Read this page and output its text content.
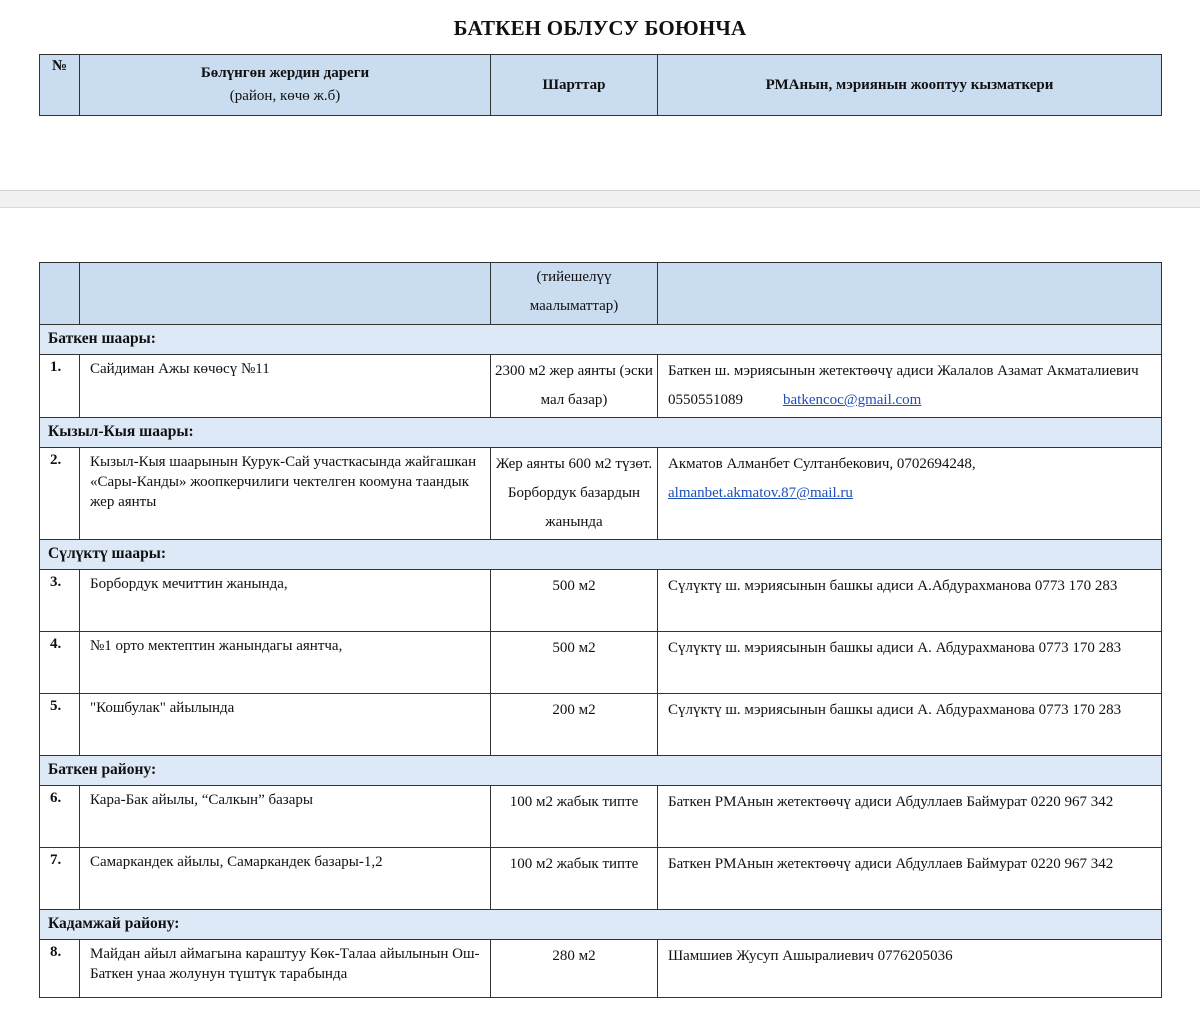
БАТКЕН ОБЛУСУ БОЮНЧА
№	Бөлүнгөн жердин дареги
(район, көчө ж.б)
	Шарттар	РМАнын, мэриянын жооптуу кызматкери
		(тийешелүү маалыматтар)	
Баткен шаары:			
1.	Сайдиман Ажы көчөсү №11	2300 м2 жер аянты (эски мал базар)	Баткен ш. мэриясынын жетектөөчү адиси Жалалов Азамат Акматалиевич 0550551089 batkencoc@gmail.com
Кызыл-Кыя шаары:			
2.	Кызыл-Кыя шаарынын Курук-Сай участкасында жайгашкан «Сары-Канды» жоопкерчилиги чектелген коомуна таандык жер аянты	Жер аянты 600 м2 түзөт. Борбордук базардын жанында	Акматов Алманбет Султанбекович, 0702694248,
almanbet.akmatov.87@mail.ru
Сүлүктү шаары:			
3.	Борбордук мечиттин жанында,	500 м2	Сүлүктү ш. мэриясынын башкы адиси А.Абдурахманова 0773 170 283
4.	№1 орто мектептин жанындагы аянтча,	500 м2	Сүлүктү ш. мэриясынын башкы адиси А. Абдурахманова 0773 170 283
5.	"Кошбулак" айылында	200 м2	Сүлүктү ш. мэриясынын башкы адиси А. Абдурахманова 0773 170 283
Баткен району:			
6.	Кара-Бак айылы, “Салкын” базары	100 м2 жабык типте	Баткен РМАнын жетектөөчү адиси Абдуллаев Баймурат 0220 967 342
7.	Самаркандек айылы, Самаркандек базары-1,2	100 м2 жабык типте	Баткен РМАнын жетектөөчү адиси Абдуллаев Баймурат 0220 967 342
Кадамжай району:			
8.	Майдан айыл аймагына караштуу Көк-Талаа айылынын Ош-Баткен унаа жолунун түштүк тарабында	280 м2	Шамшиев Жусуп Ашыралиевич 0776205036
